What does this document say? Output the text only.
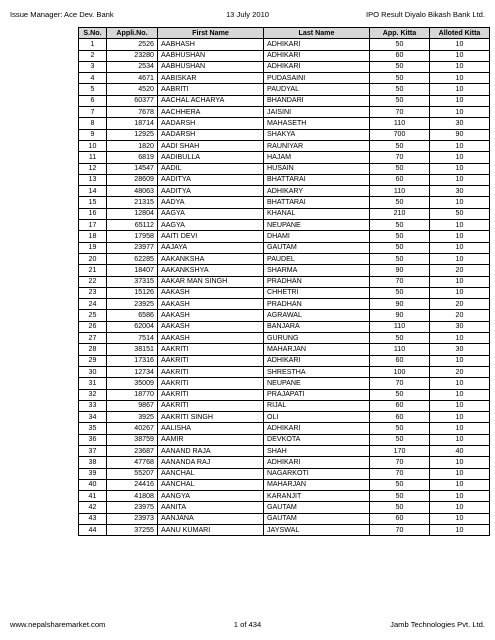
Issue Manager: Ace Dev. Bank	13 July 2010	IPO Result Diyalo Bikash Bank Ltd.
S.No.	Appli.No.	First Name	Last Name	App. Kitta	Alloted Kitta
1	2526	AABHASH	ADHIKARI	50	10
2	23280	AABHUSHAN	ADHIKARI	60	10
3	2534	AABHUSHAN	ADHIKARI	50	10
4	4671	AABISKAR	PUDASAINI	50	10
5	4520	AABRITI	PAUDYAL	50	10
6	60377	AACHAL ACHARYA	BHANDARI	50	10
7	7678	AACHHERA	JAISINI	70	10
8	18714	AADARSH	MAHASETH	110	30
9	12925	AADARSH	SHAKYA	700	90
10	1820	AADI SHAH	RAUNIYAR	50	10
11	6819	AADIBULLA	HAJAM	70	10
12	14547	AADIL	HUSAIN	50	10
13	28609	AADITYA	BHATTARAI	60	10
14	48063	AADITYA	ADHIKARY	110	30
15	21315	AADYA	BHATTARAI	50	10
16	12804	AAGYA	KHANAL	210	50
17	65112	AAGYA	NEUPANE	50	10
18	17958	AAITI DEVI	DHAMI	50	10
19	23977	AAJAYA	GAUTAM	50	10
20	62285	AAKANKSHA	PAUDEL	50	10
21	18407	AAKANKSHYA	SHARMA	90	20
22	37315	AAKAR MAN SINGH	PRADHAN	70	10
23	15126	AAKASH	CHHETRI	50	10
24	23925	AAKASH	PRADHAN	90	20
25	6586	AAKASH	AGRAWAL	90	20
26	62004	AAKASH	BANJARA	110	30
27	7514	AAKASH	GURUNG	50	10
28	38151	AAKRITI	MAHARJAN	110	30
29	17316	AAKRITI	ADHIKARI	60	10
30	12734	AAKRITI	SHRESTHA	100	20
31	35009	AAKRITI	NEUPANE	70	10
32	18770	AAKRITI	PRAJAPATI	50	10
33	9867	AAKRITI	RIJAL	60	10
34	3925	AAKRITI SINGH	OLI	60	10
35	40267	AALISHA	ADHIKARI	50	10
36	38759	AAMIR	DEVKOTA	50	10
37	23687	AANAND RAJA	SHAH	170	40
38	47768	AANANDA RAJ	ADHIKARI	70	10
39	55207	AANCHAL	NAGARKOTI	70	10
40	24416	AANCHAL	MAHARJAN	50	10
41	41808	AANGYA	KARANJIT	50	10
42	23975	AANITA	GAUTAM	50	10
43	23973	AANJANA	GAUTAM	60	10
44	37255	AANU KUMARI	JAYSWAL	70	10
www.nepalsharemarket.com	1 of 434	Jamb Technologies Pvt. Ltd.
